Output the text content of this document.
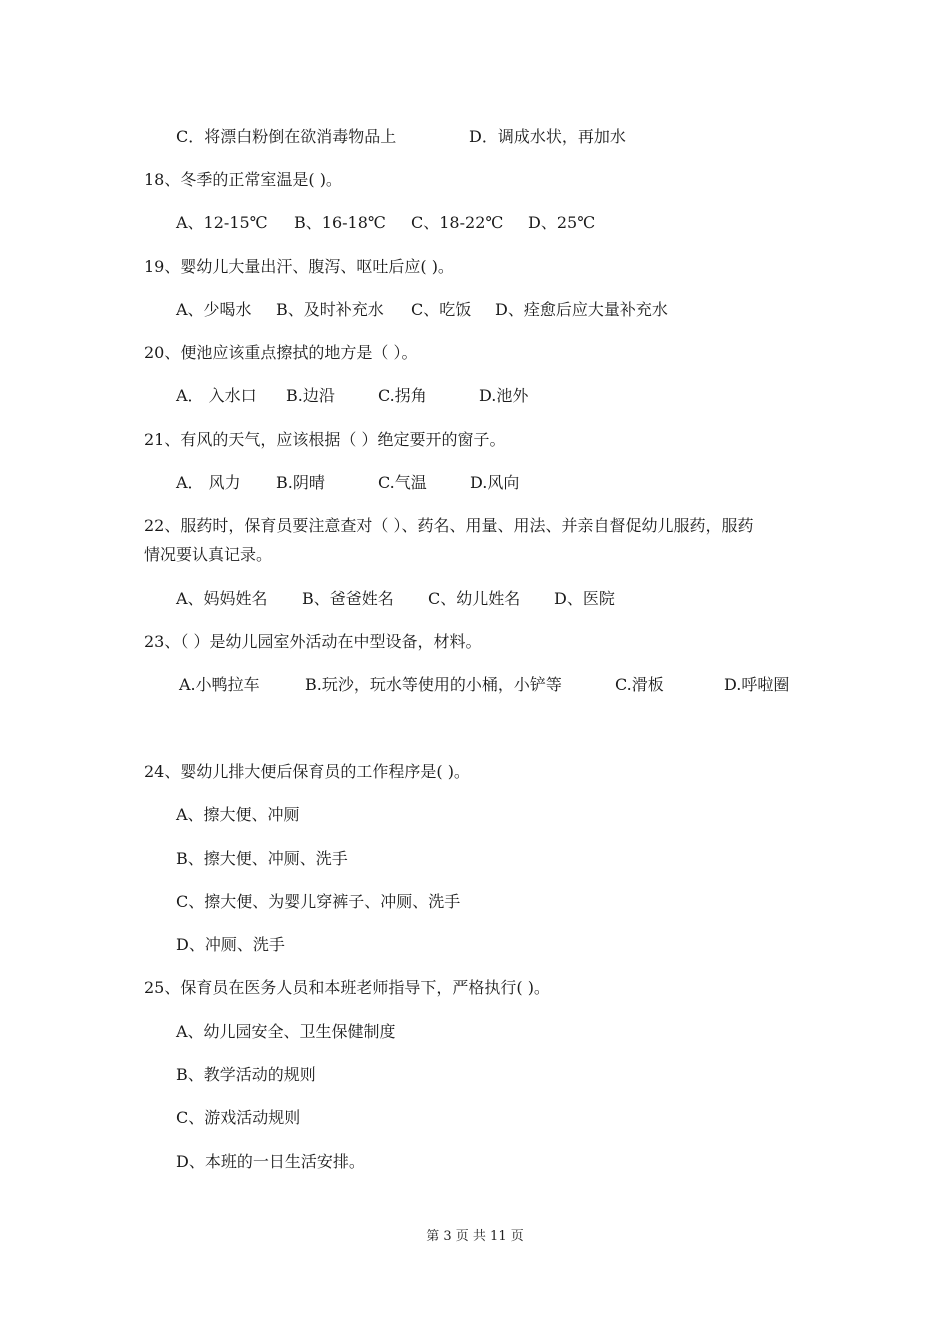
C．将漂白粉倒在欲消毒物品上	D．调成水状，再加水
18、冬季的正常室温是( )。
A、12-15℃ B、16-18℃ C、18-22℃ D、25℃
19、婴幼儿大量出汗、腹泻、呕吐后应( )。
A、少喝水 B、及时补充水 C、吃饭 D、痊愈后应大量补充水
20、便池应该重点擦拭的地方是（ ）。
A． 入水口 B.边沿	C.拐角	D.池外
21、有风的天气，应该根据（ ）绝定要开的窗子。
A． 风力 B.阴晴	C.气温	D.风向
22、服药时，保育员要注意查对（ ）、药名、用量、用法、并亲自督促幼儿服药，服药
情况要认真记录。
A、妈妈姓名 B、爸爸姓名 C、幼儿姓名 D、医院
23、（ ）是幼儿园室外活动在中型设备，材料。
A.小鸭拉车	B.玩沙，玩水等使用的小桶，小铲等	C.滑板	D.呼啦圈
24、婴幼儿排大便后保育员的工作程序是( )。
A、擦大便、冲厕
B、擦大便、冲厕、洗手
C、擦大便、为婴儿穿裤子、冲厕、洗手
D、冲厕、洗手
25、保育员在医务人员和本班老师指导下，严格执行( )。
A、幼儿园安全、卫生保健制度
B、教学活动的规则
C、游戏活动规则
D、本班的一日生活安排。
第 3 页 共 11 页
